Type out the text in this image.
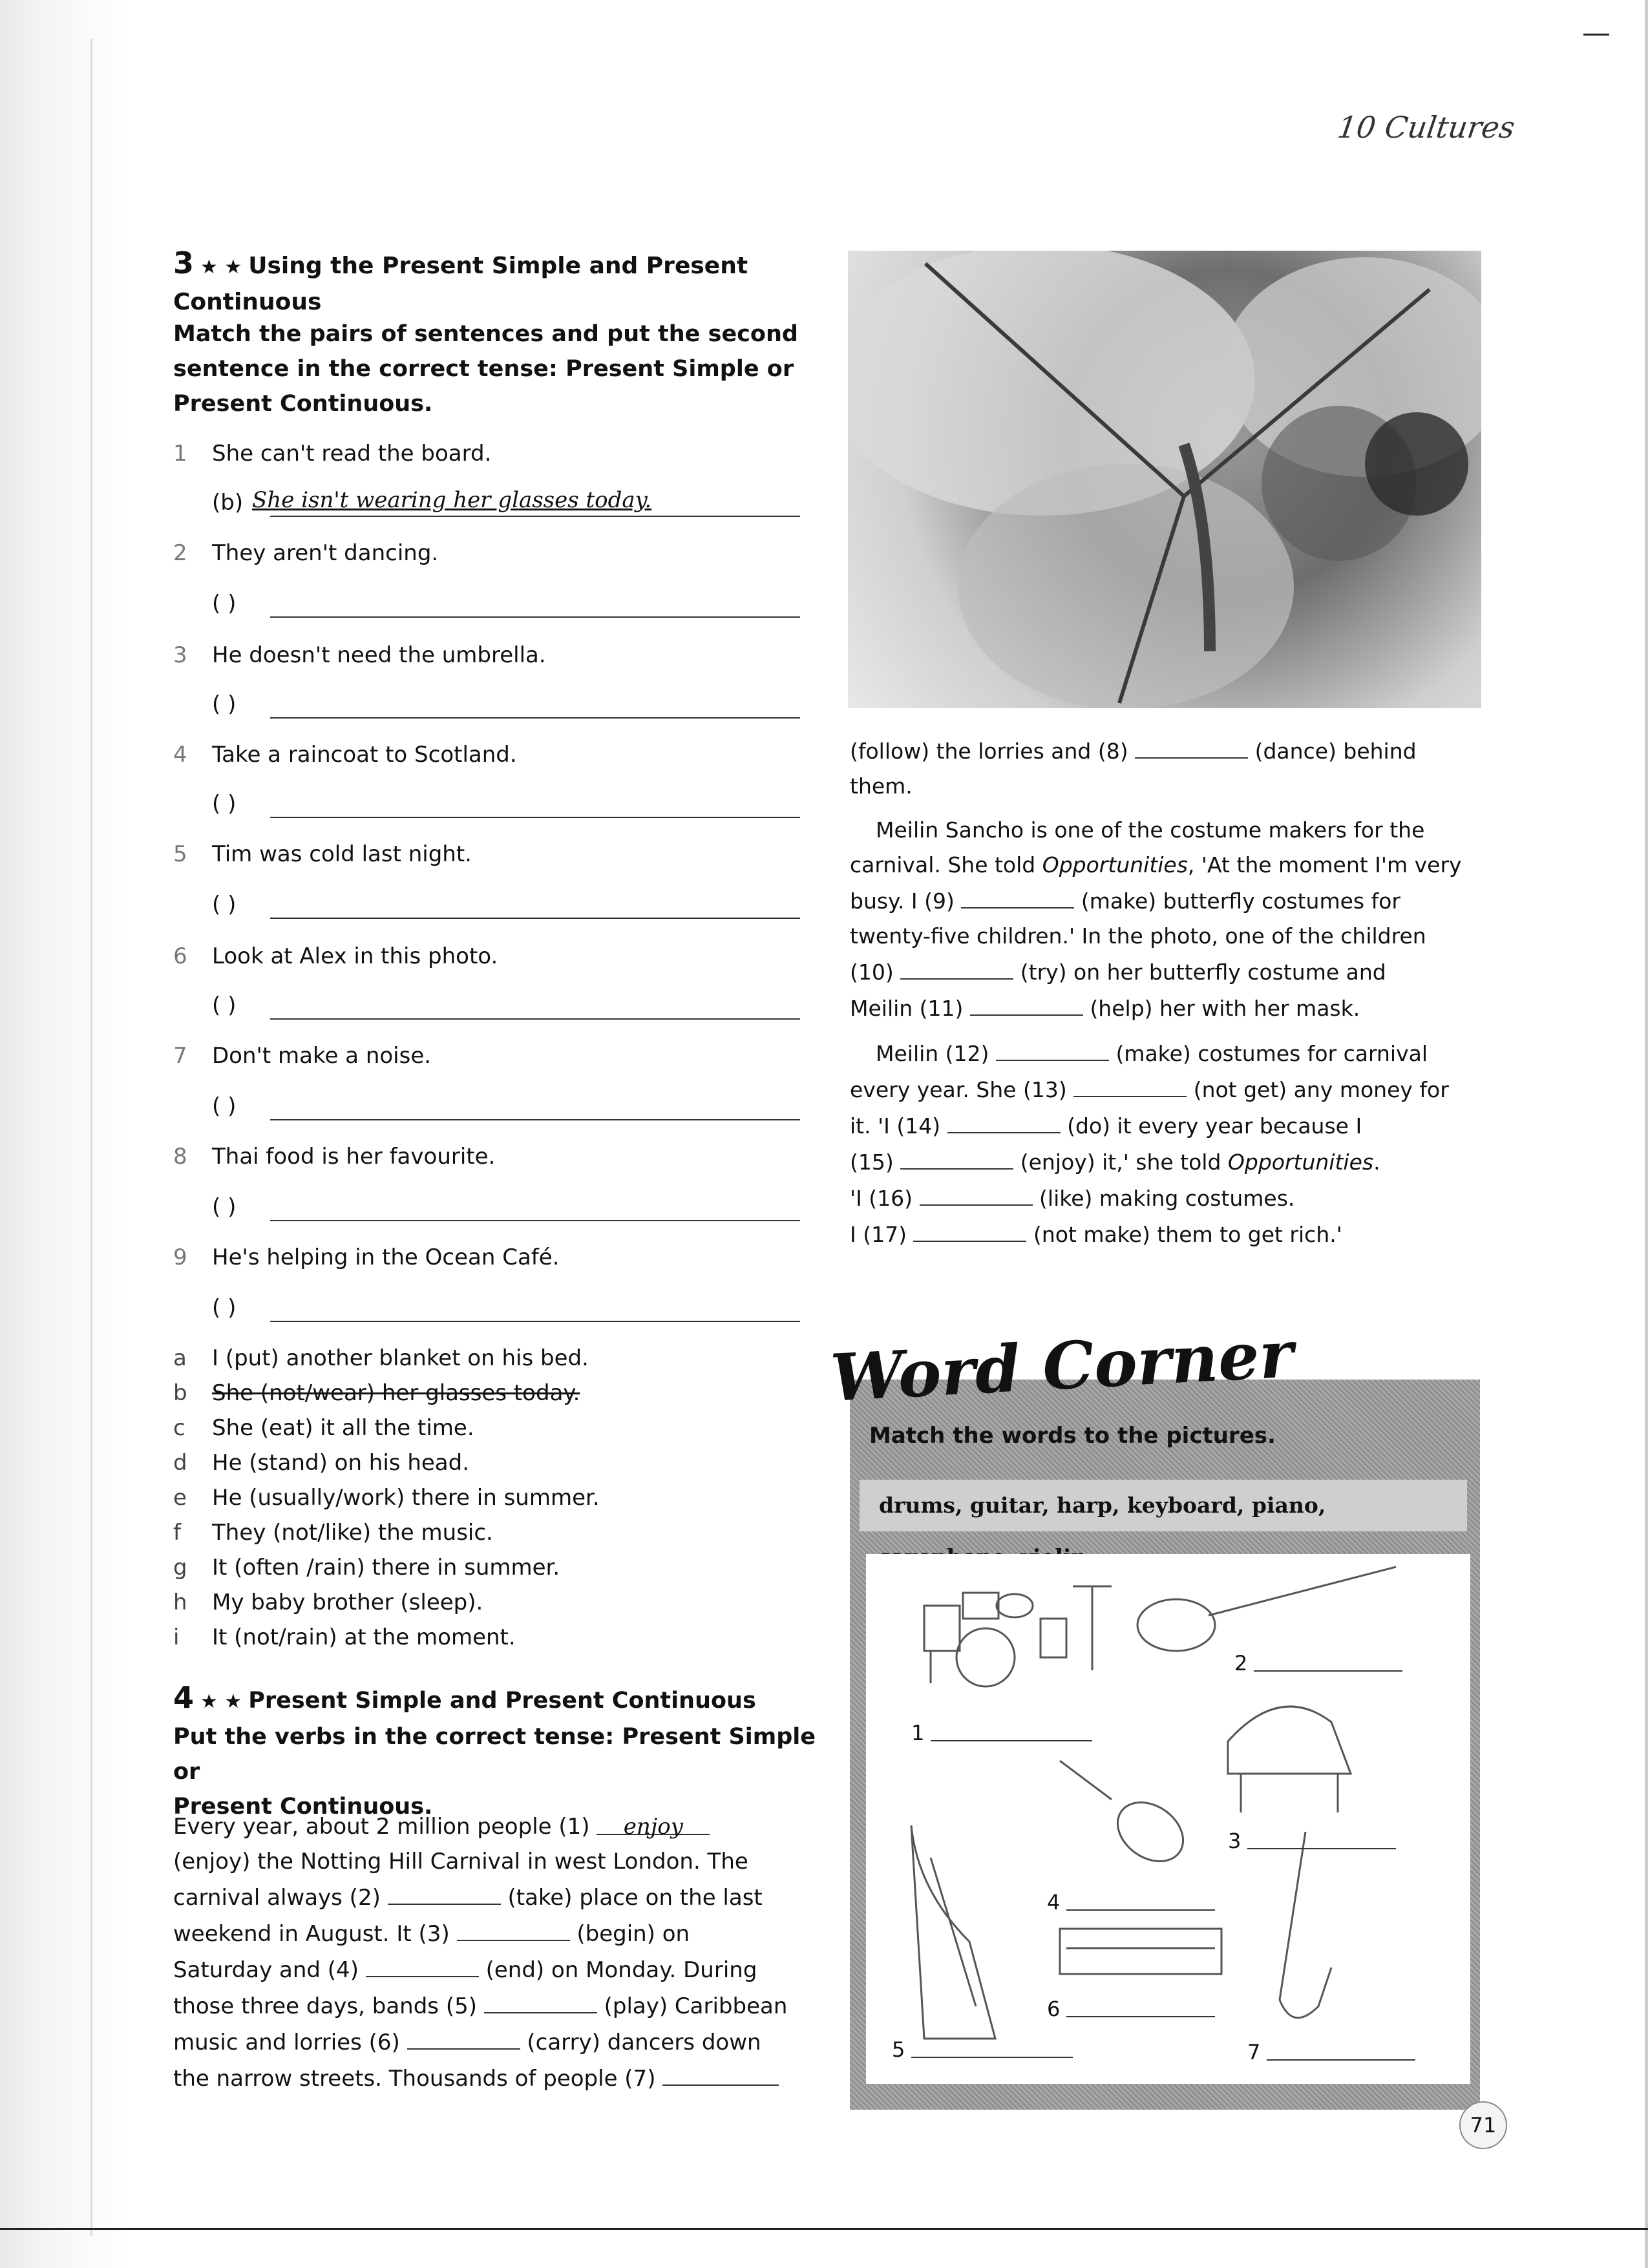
10 Cultures
3 ★ ★ Using the Present Simple and Present
Continuous
Match the pairs of sentences and put the second
sentence in the correct tense: Present Simple or
Present Continuous.
1 She can't read the board.
(b) She isn't wearing her glasses today.
2 They aren't dancing.
( )
3 He doesn't need the umbrella.
( )
4 Take a raincoat to Scotland.
( )
5 Tim was cold last night.
( )
6 Look at Alex in this photo.
( )
7 Don't make a noise.
( )
8 Thai food is her favourite.
( )
9 He's helping in the Ocean Café.
( )
a I (put) another blanket on his bed.
b She (not/wear) her glasses today.
c She (eat) it all the time.
d He (stand) on his head.
e He (usually/work) there in summer.
f They (not/like) the music.
g It (often /rain) there in summer.
h My baby brother (sleep).
i It (not/rain) at the moment.
4 ★ ★ Present Simple and Present Continuous
Put the verbs in the correct tense: Present Simple or
Present Continuous.
Every year, about 2 million people (1) enjoy
(enjoy) the Notting Hill Carnival in west London. The
carnival always (2)	(take) place on the last
weekend in August. It (3)	(begin) on
Saturday and (4)	(end) on Monday. During
those three days, bands (5)	(play) Caribbean
music and lorries (6)	(carry) dancers down
the narrow streets. Thousands of people (7)
(follow) the lorries and (8)	(dance) behind
them.
Meilin Sancho is one of the costume makers for the
carnival. She told Opportunities, 'At the moment I'm very
busy. I (9)	(make) butterfly costumes for
twenty-five children.' In the photo, one of the children
(10)	(try) on her butterfly costume and
Meilin (11)	(help) her with her mask.
Meilin (12)	(make) costumes for carnival
every year. She (13)	(not get) any money for
it. 'I (14)	(do) it every year because I
(15)	(enjoy) it,' she told Opportunities.
'I (16)	(like) making costumes.
I (17)	(not make) them to get rich.'
Word Corner
Match the words to the pictures.
drums, guitar, harp, keyboard, piano,
1
2
3
4
5
6
7
71
